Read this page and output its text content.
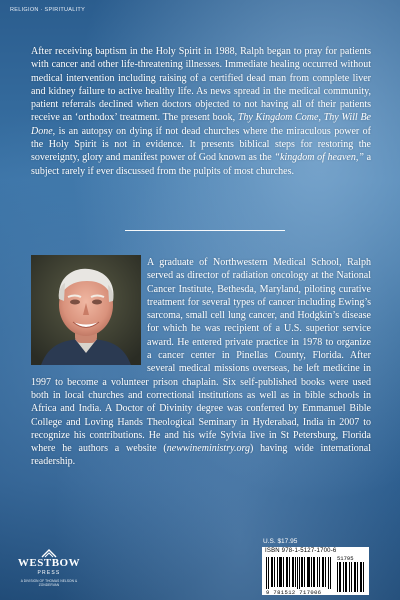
RELIGION · SPIRITUALITY

After receiving baptism in the Holy Spirit in 1988, Ralph began to pray for patients with cancer and other life-threatening illnesses. Immediate healing occurred without medical intervention including raising of a certified dead man from complete liver and kidney failure to active healthy life. As news spread in the medical community, patient referrals declined when doctors objected to not having all of their patients receive an ‘orthodox’ treatment. The present book, Thy Kingdom Come, Thy Will Be Done, is an autopsy on dying if not dead churches where the miraculous power of the Holy Spirit is not in evidence. It presents biblical steps for restoring the sovereignty, glory and manifest power of God known as the “kingdom of heaven,” a subject rarely if ever discussed from the pulpits of most churches.

A graduate of Northwestern Medical School, Ralph served as director of radiation oncology at the National Cancer Institute, Bethesda, Maryland, piloting curative treatment for several types of cancer including Ewing’s sarcoma, small cell lung cancer, and Hodgkin’s disease for which he was recipient of a U.S. superior service award. He entered private practice in 1978 to organize a cancer center in Pinellas County, Florida. After several medical missions overseas, he left medicine in 1997 to become a volunteer prison chaplain. Six self-published books were used both in local churches and correctional institutions as well as in bible schools in Africa and India. A Doctor of Divinity degree was conferred by Emmanuel Bible College and Loving Hands Theological Seminary in Hyderabad, India in 2007 to recognize his contributions. He and his wife Sylvia live in St Petersburg, Florida where he authors a website (newwineministry.org) having wide international readership.

WESTBOW
PRESS
A DIVISION OF THOMAS NELSON & ZONDERVAN
U.S. $17.95
ISBN 978-1-5127-1700-6
9 781512 717006
51795
